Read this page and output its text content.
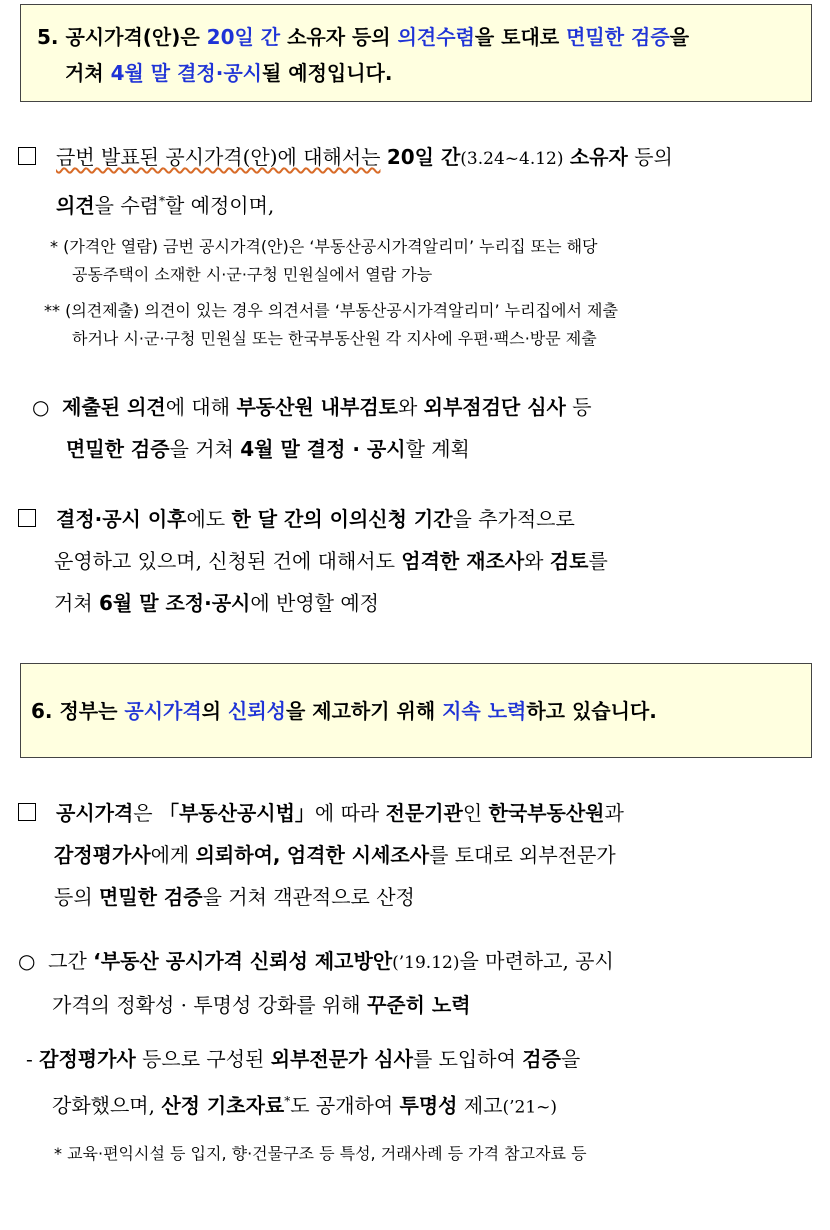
5. 공시가격(안)은 20일 간 소유자 등의 의견수렴을 토대로 면밀한 검증을
거쳐 4월 말 결정·공시될 예정입니다.
금번 발표된 공시가격(안)에 대해서는 20일 간(3.24~4.12) 소유자 등의
의견을 수렴*할 예정이며,
* (가격안 열람) 금번 공시가격(안)은 ‘부동산공시가격알리미’ 누리집 또는 해당
공동주택이 소재한 시·군·구청 민원실에서 열람 가능
** (의견제출) 의견이 있는 경우 의견서를 ‘부동산공시가격알리미’ 누리집에서 제출
하거나 시·군·구청 민원실 또는 한국부동산원 각 지사에 우편·팩스·방문 제출
○ 제출된 의견에 대해 부동산원 내부검토와 외부점검단 심사 등
면밀한 검증을 거쳐 4월 말 결정 · 공시할 계획
결정·공시 이후에도 한 달 간의 이의신청 기간을 추가적으로
운영하고 있으며, 신청된 건에 대해서도 엄격한 재조사와 검토를
거쳐 6월 말 조정·공시에 반영할 예정
6. 정부는 공시가격의 신뢰성을 제고하기 위해 지속 노력하고 있습니다.
공시가격은 「부동산공시법」에 따라 전문기관인 한국부동산원과
감정평가사에게 의뢰하여, 엄격한 시세조사를 토대로 외부전문가
등의 면밀한 검증을 거쳐 객관적으로 산정
○ 그간 ‘부동산 공시가격 신뢰성 제고방안(’19.12)을 마련하고, 공시
가격의 정확성 · 투명성 강화를 위해 꾸준히 노력
- 감정평가사 등으로 구성된 외부전문가 심사를 도입하여 검증을
강화했으며, 산정 기초자료*도 공개하여 투명성 제고(’21~)
* 교육·편익시설 등 입지, 향·건물구조 등 특성, 거래사례 등 가격 참고자료 등
